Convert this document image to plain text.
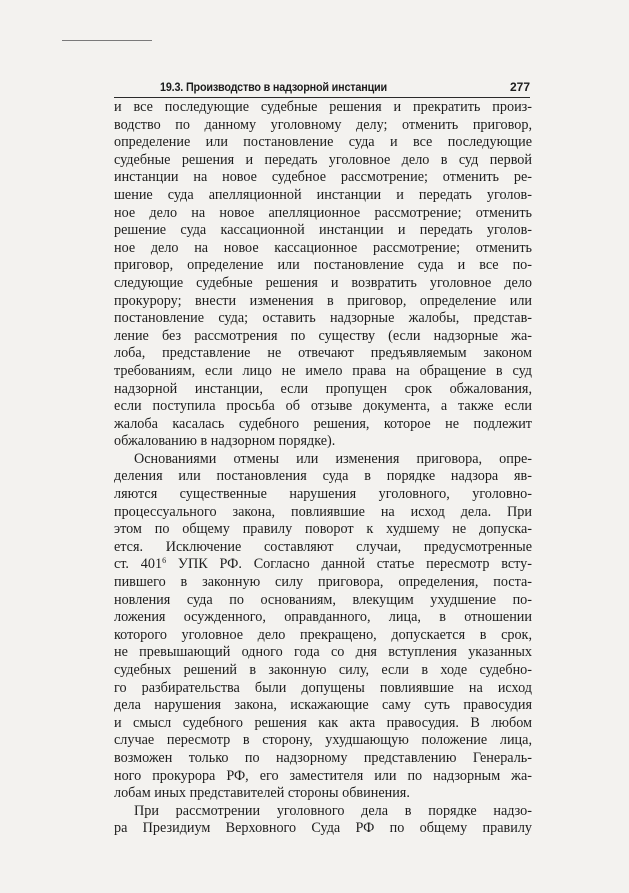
19.3. Производство в надзорной инстанции	277
и все последующие судебные решения и прекратить произ-
водство по данному уголовному делу; отменить приговор,
определение или постановление суда и все последующие
судебные решения и передать уголовное дело в суд первой
инстанции на новое судебное рассмотрение; отменить ре-
шение суда апелляционной инстанции и передать уголов-
ное дело на новое апелляционное рассмотрение; отменить
решение суда кассационной инстанции и передать уголов-
ное дело на новое кассационное рассмотрение; отменить
приговор, определение или постановление суда и все по-
следующие судебные решения и возвратить уголовное дело
прокурору; внести изменения в приговор, определение или
постановление суда; оставить надзорные жалобы, представ-
ление без рассмотрения по существу (если надзорные жа-
лоба, представление не отвечают предъявляемым законом
требованиям, если лицо не имело права на обращение в суд
надзорной инстанции, если пропущен срок обжалования,
если поступила просьба об отзыве документа, а также если
жалоба касалась судебного решения, которое не подлежит
обжалованию в надзорном порядке).
Основаниями отмены или изменения приговора, опре-
деления или постановления суда в порядке надзора яв-
ляются существенные нарушения уголовного, уголовно-
процессуального закона, повлиявшие на исход дела. При
этом по общему правилу поворот к худшему не допуска-
ется. Исключение составляют случаи, предусмотренные
ст. $401^6$ УПК РФ. Согласно данной статье пересмотр всту-
пившего в законную силу приговора, определения, поста-
новления суда по основаниям, влекущим ухудшение по-
ложения осужденного, оправданного, лица, в отношении
которого уголовное дело прекращено, допускается в срок,
не превышающий одного года со дня вступления указанных
судебных решений в законную силу, если в ходе судебно-
го разбирательства были допущены повлиявшие на исход
дела нарушения закона, искажающие саму суть правосудия
и смысл судебного решения как акта правосудия. В любом
случае пересмотр в сторону, ухудшающую положение лица,
возможен только по надзорному представлению Генераль-
ного прокурора РФ, его заместителя или по надзорным жа-
лобам иных представителей стороны обвинения.
При рассмотрении уголовного дела в порядке надзо-
ра Президиум Верховного Суда РФ по общему правилу
